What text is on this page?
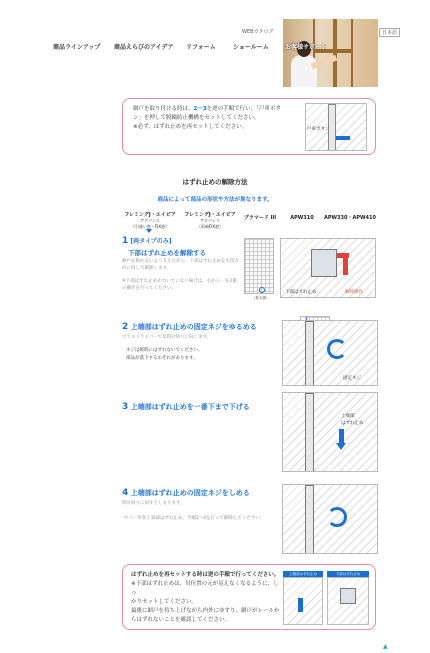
WEBカタログ	日本語
商品ラインアップ 商品えらびのアイデア リフォーム	ショールーム	お客様サポート

網戸を取り付ける時は、2～3を逆の手順で行い、「戸車ボタ

ン」を押して脱輪防止機構をセットしてください。

※必ず、はずれ止めを再セットしてください。	戸車ボタン
はずれ止めの解除方法
商品によって部品の形状や方法が異なります。
フレミングJ・エイピア
アドバンス
（引違い窓・FIX窓）
フレミングJ・エイピア
アドバンス
（両袖FIX窓）
プラマード III	APW310	APW330・APW410
1 [両タイプのみ]
下部はずれ止めを解除する
網戸を動かないよう支えながら、下部はずれ止めを矢印方向に回して解除します。
※下部はずれ止めがついていない場合は、右から一を2番の操作を行ってください。
（拡大図）
下部はずれ止め	解除操作
2 上端部はずれ止めの固定ネジをゆるめる
プラスドライバーで反時計回りに回します。
ネジは緩時にはずれないでください。
部品が落下するおそれがあります。
固定ネジ
3 上端部はずれ止めを一番下まで下げる
上端部
はずれ止め
4 上端部はずれ止めの固定ネジをしめる
時計回りに回すとしまります。
セリー形状上端部はずれ止め、手順2～4を行って解除してください。

はずれ止めを再セットする時は逆の手順で行ってください。

※下部はずれ止めは、吊位置の元が見えなくなるように、しっ

かりセットしてください。

最後に網戸を持ち上げながら内外にゆすり、網戸がレールか

らはずれないことを確認してください。

上端部はずれ止め	下部はずれ止め
▲
